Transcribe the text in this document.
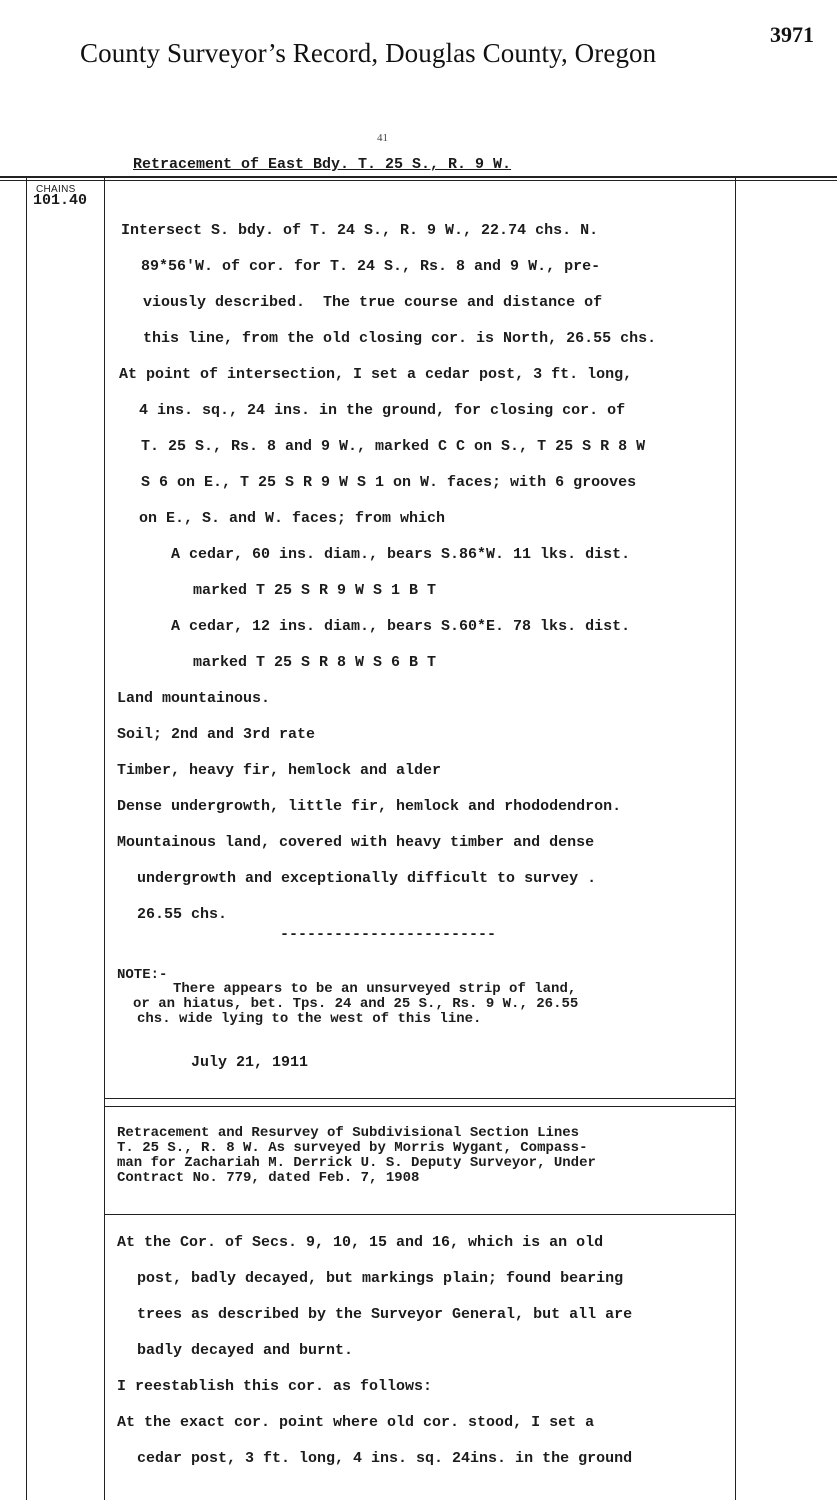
County Surveyor’s Record, Douglas County, Oregon
3971
41
Retracement of East Bdy. T. 25 S., R. 9 W.
CHAINS
101.40
Intersect S. bdy. of T. 24 S., R. 9 W., 22.74 chs. N.
89*56'W. of cor. for T. 24 S., Rs. 8 and 9 W., pre-
viously described.  The true course and distance of
this line, from the old closing cor. is North, 26.55 chs.
At point of intersection, I set a cedar post, 3 ft. long,
4 ins. sq., 24 ins. in the ground, for closing cor. of
T. 25 S., Rs. 8 and 9 W., marked C C on S., T 25 S R 8 W
S 6 on E., T 25 S R 9 W S 1 on W. faces; with 6 grooves
on E., S. and W. faces; from which
A cedar, 60 ins. diam., bears S.86*W. 11 lks. dist.
marked T 25 S R 9 W S 1 B T
A cedar, 12 ins. diam., bears S.60*E. 78 lks. dist.
marked T 25 S R 8 W S 6 B T
Land mountainous.
Soil; 2nd and 3rd rate
Timber, heavy fir, hemlock and alder
Dense undergrowth, little fir, hemlock and rhododendron.
Mountainous land, covered with heavy timber and dense
undergrowth and exceptionally difficult to survey .
26.55 chs.
------------------------
NOTE:-
There appears to be an unsurveyed strip of land,
or an hiatus, bet. Tps. 24 and 25 S., Rs. 9 W., 26.55
chs. wide lying to the west of this line.
July 21, 1911
Retracement and Resurvey of Subdivisional Section Lines
T. 25 S., R. 8 W. As surveyed by Morris Wygant, Compass-
man for Zachariah M. Derrick U. S. Deputy Surveyor, Under
Contract No. 779, dated Feb. 7, 1908
At the Cor. of Secs. 9, 10, 15 and 16, which is an old
post, badly decayed, but markings plain; found bearing
trees as described by the Surveyor General, but all are
badly decayed and burnt.
I reestablish this cor. as follows:
At the exact cor. point where old cor. stood, I set a
cedar post, 3 ft. long, 4 ins. sq. 24ins. in the ground
